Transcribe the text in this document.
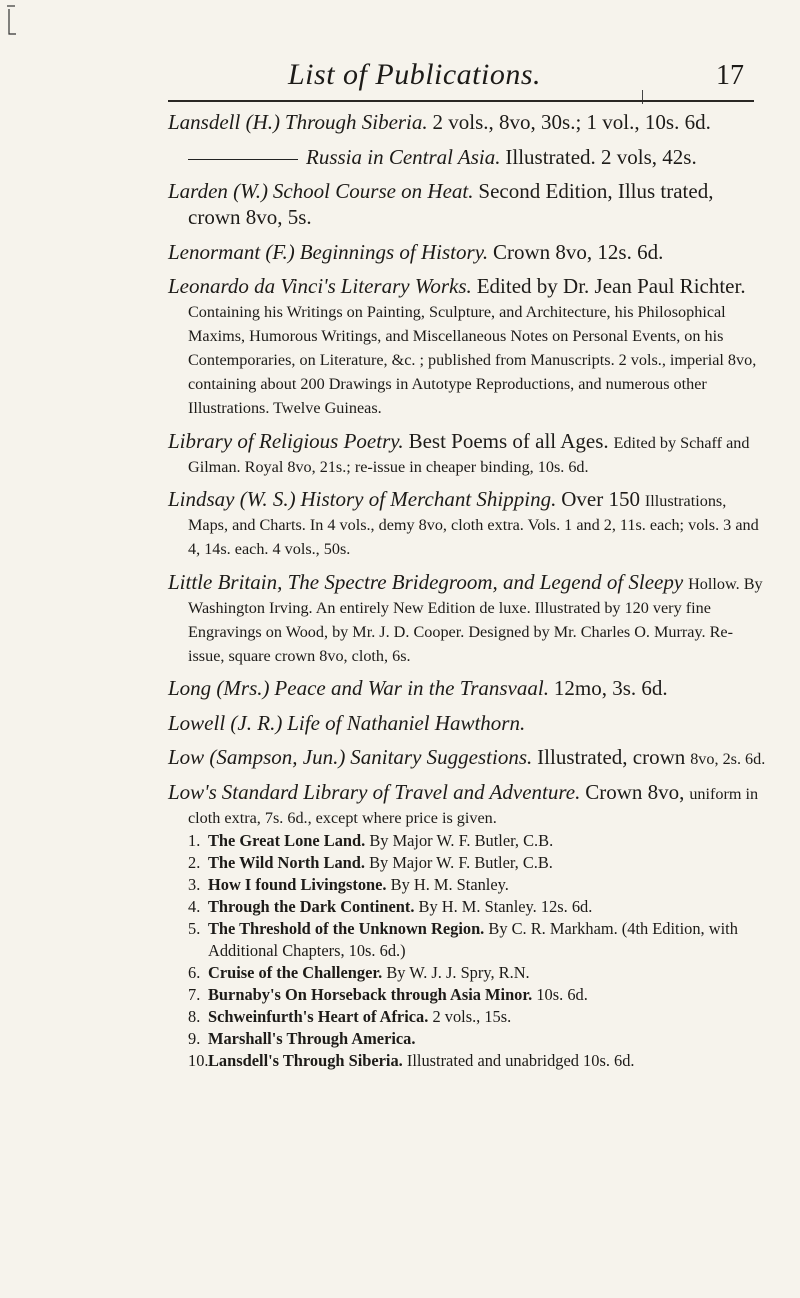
List of Publications.	17

Lansdell (H.) Through Siberia. 2 vols., 8vo, 30s.; 1 vol., 10s. 6d.

Russia in Central Asia. Illustrated. 2 vols, 42s.

Larden (W.) School Course on Heat. Second Edition, Illus trated, crown 8vo, 5s.

Lenormant (F.) Beginnings of History. Crown 8vo, 12s. 6d.

Leonardo da Vinci's Literary Works. Edited by Dr. Jean Paul Richter. Containing his Writings on Painting, Sculpture, and Architecture, his Philosophical Maxims, Humorous Writings, and Miscellaneous Notes on Personal Events, on his Contemporaries, on Literature, &c. ; published from Manuscripts. 2 vols., imperial 8vo, containing about 200 Drawings in Autotype Reproductions, and numerous other Illustrations. Twelve Guineas.

Library of Religious Poetry. Best Poems of all Ages. Edited by Schaff and Gilman. Royal 8vo, 21s.; re-issue in cheaper binding, 10s. 6d.

Lindsay (W. S.) History of Merchant Shipping. Over 150 Illustrations, Maps, and Charts. In 4 vols., demy 8vo, cloth extra. Vols. 1 and 2, 11s. each; vols. 3 and 4, 14s. each. 4 vols., 50s.

Little Britain, The Spectre Bridegroom, and Legend of Sleepy Hollow. By Washington Irving. An entirely New Edition de luxe. Illustrated by 120 very fine Engravings on Wood, by Mr. J. D. Cooper. Designed by Mr. Charles O. Murray. Re-issue, square crown 8vo, cloth, 6s.

Long (Mrs.) Peace and War in the Transvaal. 12mo, 3s. 6d.

Lowell (J. R.) Life of Nathaniel Hawthorn.

Low (Sampson, Jun.) Sanitary Suggestions. Illustrated, crown 8vo, 2s. 6d.

Low's Standard Library of Travel and Adventure. Crown 8vo, uniform in cloth extra, 7s. 6d., except where price is given.
1. The Great Lone Land. By Major W. F. Butler, C.B.
2. The Wild North Land. By Major W. F. Butler, C.B.
3. How I found Livingstone. By H. M. Stanley.
4. Through the Dark Continent. By H. M. Stanley. 12s. 6d.
5. The Threshold of the Unknown Region. By C. R. Markham. (4th Edition, with Additional Chapters, 10s. 6d.)
6. Cruise of the Challenger. By W. J. J. Spry, R.N.
7. Burnaby's On Horseback through Asia Minor. 10s. 6d.
8. Schweinfurth's Heart of Africa. 2 vols., 15s.
9. Marshall's Through America.
10.Lansdell's Through Siberia. Illustrated and unabridged 10s. 6d.
